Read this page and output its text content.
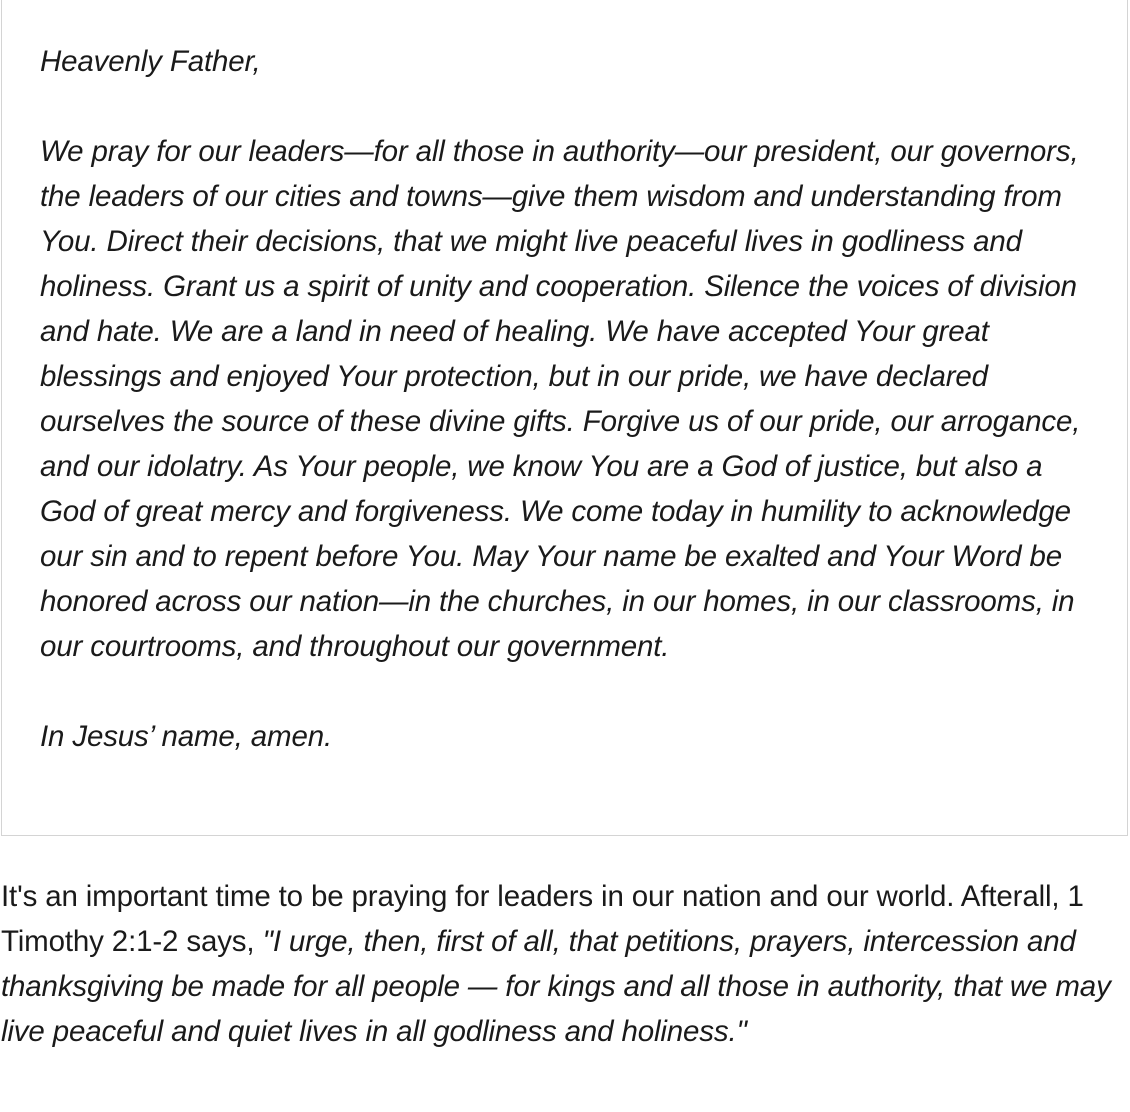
Heavenly Father,

We pray for our leaders—for all those in authority—our president, our governors, the leaders of our cities and towns—give them wisdom and understanding from You. Direct their decisions, that we might live peaceful lives in godliness and holiness. Grant us a spirit of unity and cooperation. Silence the voices of division and hate. We are a land in need of healing. We have accepted Your great blessings and enjoyed Your protection, but in our pride, we have declared ourselves the source of these divine gifts. Forgive us of our pride, our arrogance, and our idolatry. As Your people, we know You are a God of justice, but also a God of great mercy and forgiveness. We come today in humility to acknowledge our sin and to repent before You. May Your name be exalted and Your Word be honored across our nation—in the churches, in our homes, in our classrooms, in our courtrooms, and throughout our government.

In Jesus’ name, amen.

It's an important time to be praying for leaders in our nation and our world. Afterall, 1 Timothy 2:1-2 says, "I urge, then, first of all, that petitions, prayers, intercession and thanksgiving be made for all people — for kings and all those in authority, that we may live peaceful and quiet lives in all godliness and holiness."
